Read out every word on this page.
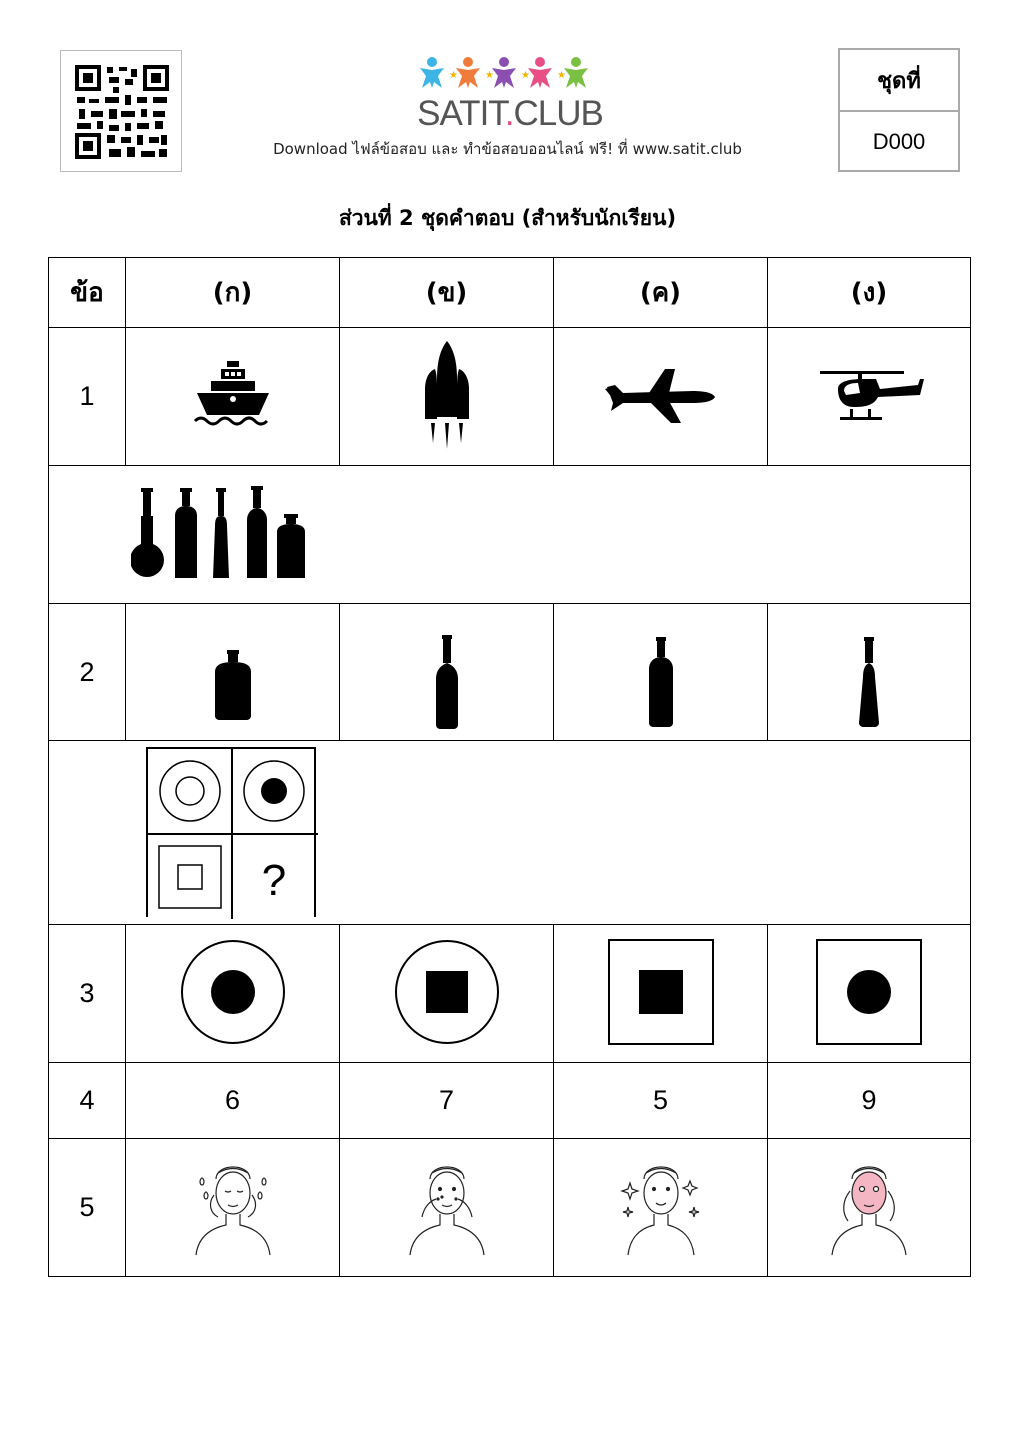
★	★	★	★
SATIT.CLUB
Download ไฟล์ข้อสอบ และ ทำข้อสอบออนไลน์ ฟรี! ที่ www.satit.club
ชุดที่
D000
ส่วนที่ 2 ชุดคำตอบ (สำหรับนักเรียน)
ข้อ	(ก)	(ข)	(ค)	(ง)
1				

2				

?				

3				
4	6	7	5	9
5				
